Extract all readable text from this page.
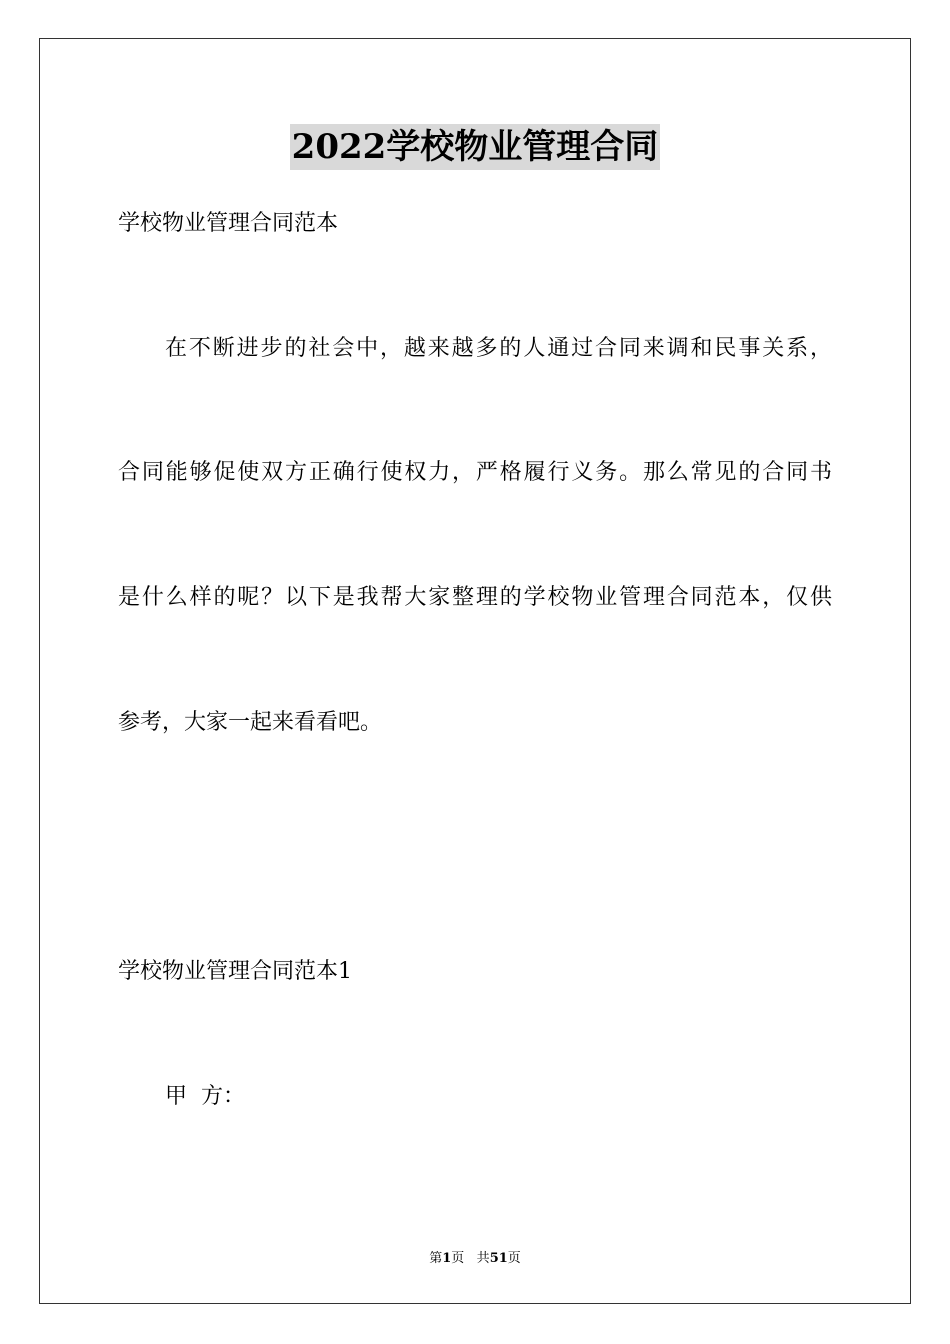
2022学校物业管理合同
学校物业管理合同范本
在不断进步的社会中，越来越多的人通过合同来调和民事关系，
合同能够促使双方正确行使权力，严格履行义务。那么常见的合同书
是什么样的呢？以下是我帮大家整理的学校物业管理合同范本，仅供
参考，大家一起来看看吧。
学校物业管理合同范本1
甲  方：
第1页 共51页
